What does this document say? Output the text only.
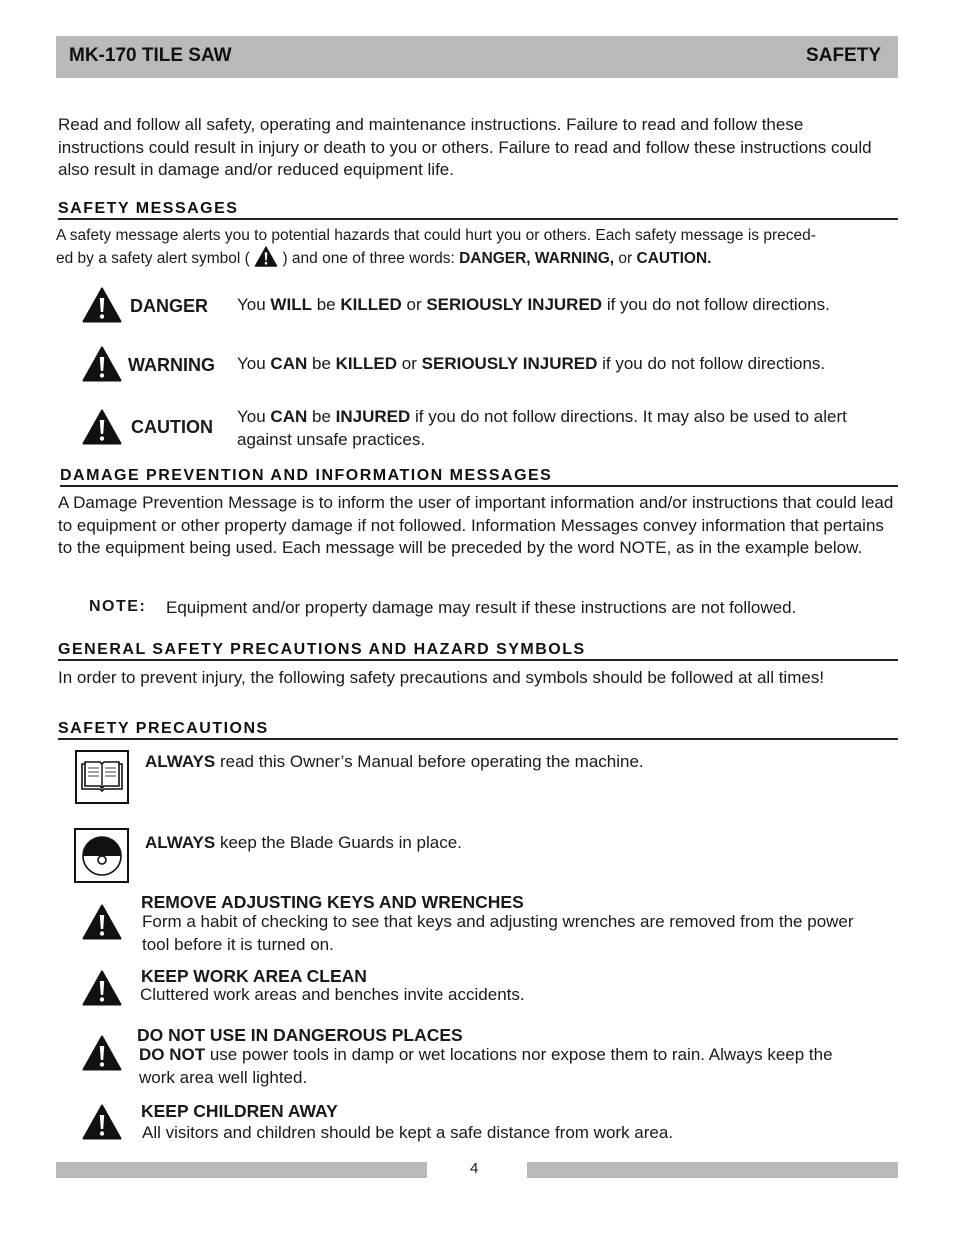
MK-170 TILE SAW	SAFETY
Read and follow all safety, operating and maintenance instructions. Failure to read and follow these instructions could result in injury or death to you or others. Failure to read and follow these instructions could also result in damage and/or reduced equipment life.
SAFETY MESSAGES
A safety message alerts you to potential hazards that could hurt you or others. Each safety message is preced-
ed by a safety alert symbol ( ) and one of three words: DANGER, WARNING, or CAUTION.
DANGER You WILL be KILLED or SERIOUSLY INJURED if you do not follow directions.
WARNING You CAN be KILLED or SERIOUSLY INJURED if you do not follow directions.
CAUTION
You CAN be INJURED if you do not follow directions. It may also be used to alert against unsafe practices.
DAMAGE PREVENTION AND INFORMATION MESSAGES
A Damage Prevention Message is to inform the user of important information and/or instructions that could lead to equipment or other property damage if not followed. Information Messages convey information that pertains to the equipment being used. Each message will be preceded by the word NOTE, as in the example below.
NOTE: Equipment and/or property damage may result if these instructions are not followed.
GENERAL SAFETY PRECAUTIONS AND HAZARD SYMBOLS
In order to prevent injury, the following safety precautions and symbols should be followed at all times!
SAFETY PRECAUTIONS
ALWAYS read this Owner’s Manual before operating the machine.
ALWAYS keep the Blade Guards in place.
REMOVE ADJUSTING KEYS AND WRENCHES
Form a habit of checking to see that keys and adjusting wrenches are removed from the power tool before it is turned on.
KEEP WORK AREA CLEAN
Cluttered work areas and benches invite accidents.
DO NOT USE IN DANGEROUS PLACES
DO NOT use power tools in damp or wet locations nor expose them to rain. Always keep the work area well lighted.
KEEP CHILDREN AWAY
All visitors and children should be kept a safe distance from work area.
4
